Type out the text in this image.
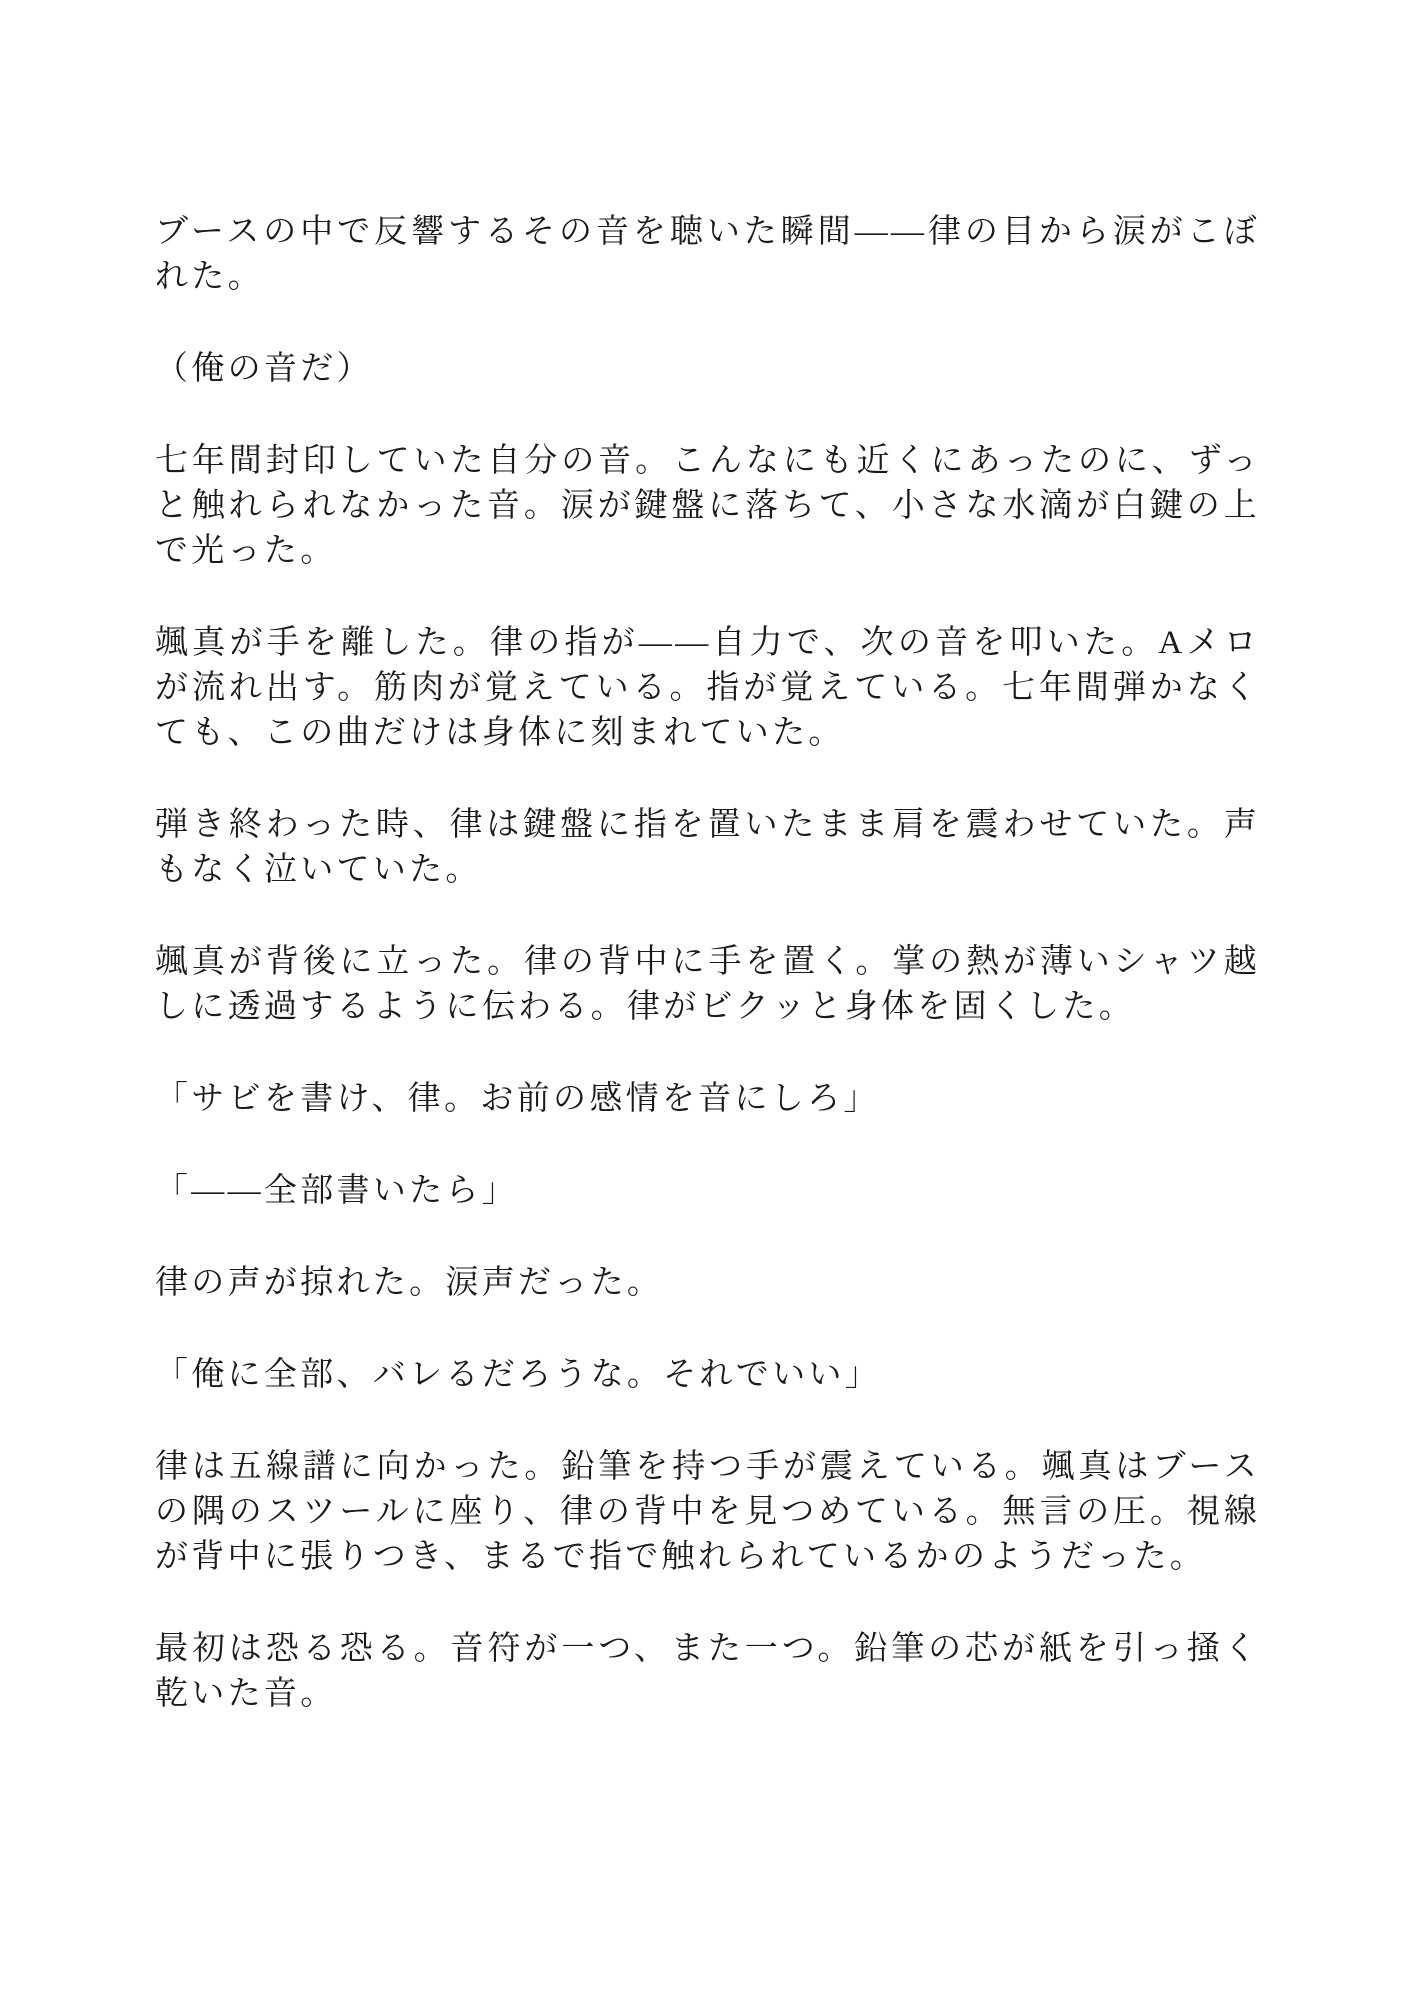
ブースの中で反響するその音を聴いた瞬間——律の目から涙がこぼれた。

（俺の音だ）

七年間封印していた自分の音。こんなにも近くにあったのに、ずっと触れられなかった音。涙が鍵盤に落ちて、小さな水滴が白鍵の上で光った。

颯真が手を離した。律の指が——自力で、次の音を叩いた。Aメロが流れ出す。筋肉が覚えている。指が覚えている。七年間弾かなくても、この曲だけは身体に刻まれていた。

弾き終わった時、律は鍵盤に指を置いたまま肩を震わせていた。声もなく泣いていた。

颯真が背後に立った。律の背中に手を置く。掌の熱が薄いシャツ越しに透過するように伝わる。律がビクッと身体を固くした。

「サビを書け、律。お前の感情を音にしろ」

「——全部書いたら」

律の声が掠れた。涙声だった。

「俺に全部、バレるだろうな。それでいい」

律は五線譜に向かった。鉛筆を持つ手が震えている。颯真はブースの隅のスツールに座り、律の背中を見つめている。無言の圧。視線が背中に張りつき、まるで指で触れられているかのようだった。

最初は恐る恐る。音符が一つ、また一つ。鉛筆の芯が紙を引っ掻く乾いた音。
